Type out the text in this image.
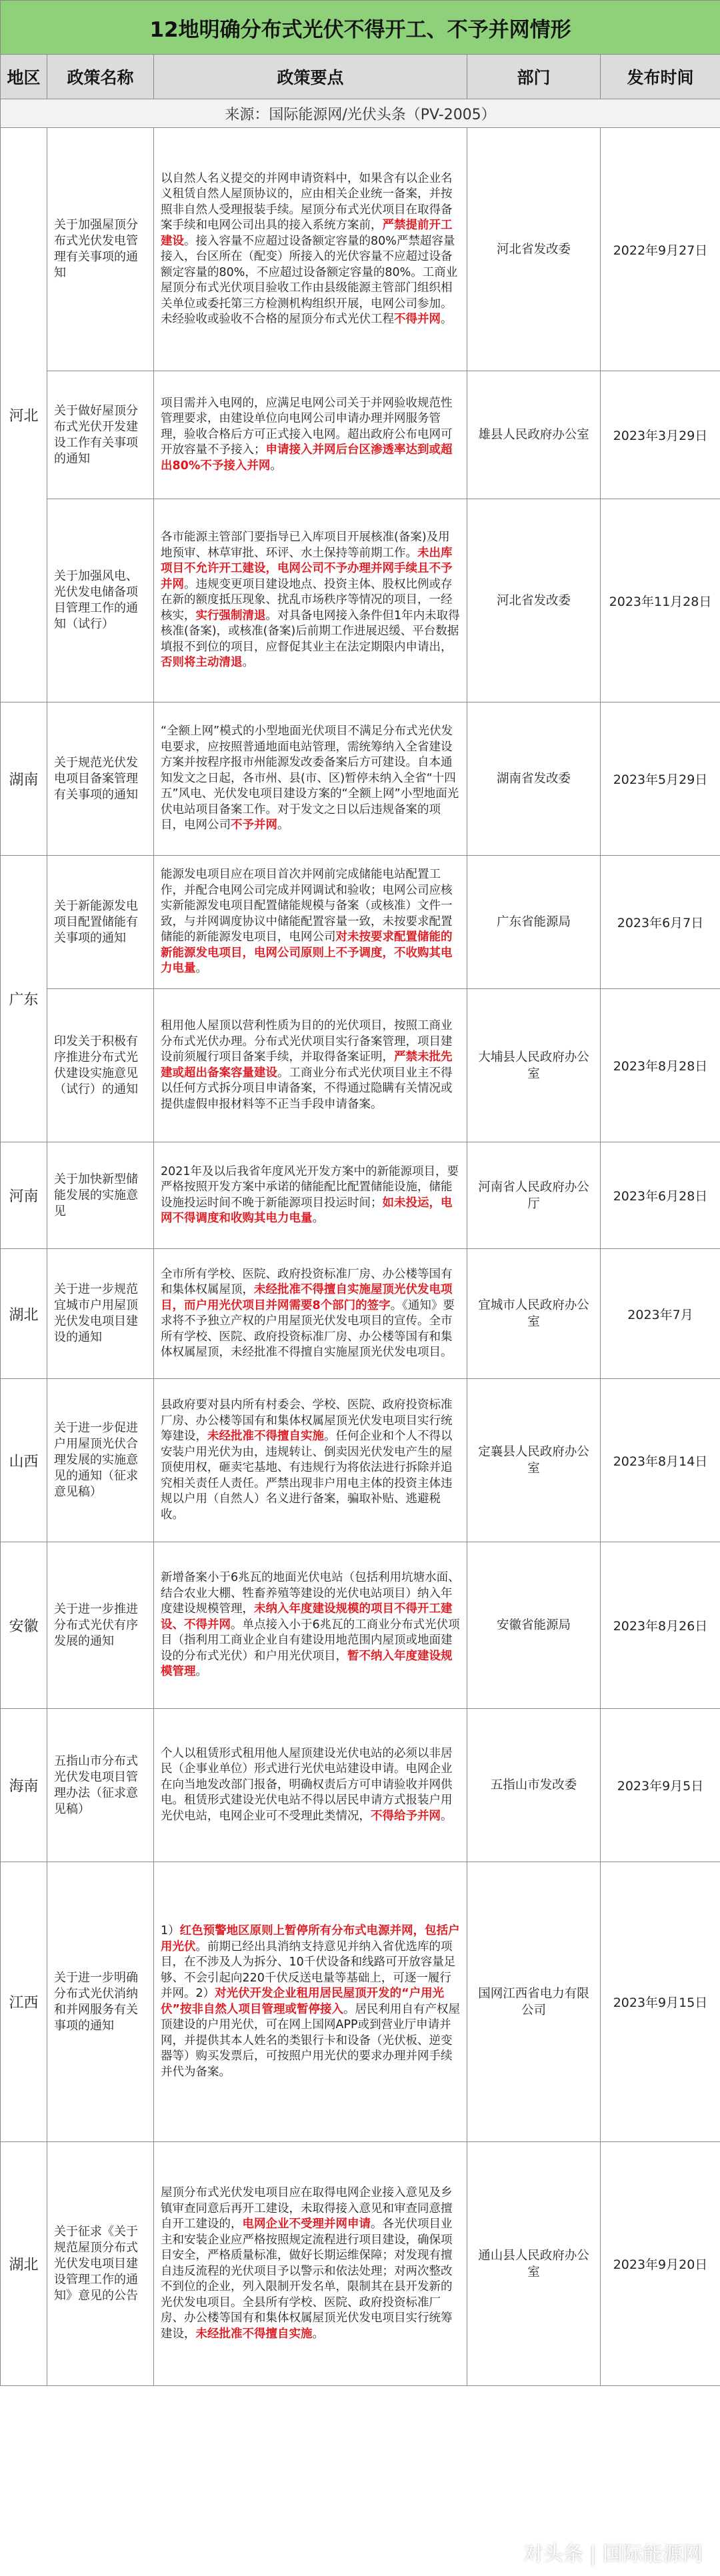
12地明确分布式光伏不得开工、不予并网情形				
地区	政策名称	政策要点	部门	发布时间
来源：国际能源网/光伏头条（PV-2005）				
河北	关于加强屋顶分布式光伏发电管理有关事项的通知	以自然人名义提交的并网申请资料中，如果含有以企业名义租赁自然人屋顶协议的，应由相关企业统一备案，并按照非自然人受理报装手续。屋顶分布式光伏项目在取得备案手续和电网公司出具的接入系统方案前，严禁提前开工建设。接入容量不应超过设备额定容量的80%严禁超容量接入，台区所在（配变）所接入的光伏容量不应超过设备额定容量的80%，不应超过设备额定容量的80%。工商业屋顶分布式光伏项目验收工作由县级能源主管部门组织相关单位或委托第三方检测机构组织开展，电网公司参加。未经验收或验收不合格的屋顶分布式光伏工程不得并网。	河北省发改委	2022年9月27日
	关于做好屋顶分布式光伏开发建设工作有关事项的通知	项目需并入电网的，应满足电网公司关于并网验收规范性管理要求，由建设单位向电网公司申请办理并网服务管理，验收合格后方可正式接入电网。超出政府公布电网可开放容量不予接入；申请接入并网后台区渗透率达到或超出80%不予接入并网。	雄县人民政府办公室	2023年3月29日
	关于加强风电、光伏发电储备项目管理工作的通知（试行）	各市能源主管部门要指导已入库项目开展核准(备案)及用地预审、林草审批、环评、水土保持等前期工作。未出库项目不允许开工建设，电网公司不予办理并网手续且不予并网。违规变更项目建设地点、投资主体、股权比例或存在新的额度抵压现象、扰乱市场秩序等情况的项目，一经核实，实行强制清退。对具备电网接入条件但1年内未取得核准(备案)，或核准(备案)后前期工作进展迟缓、平台数据填报不到位的项目，应督促其业主在法定期限内申请出，否则将主动清退。	河北省发改委	2023年11月28日
湖南	关于规范光伏发电项目备案管理有关事项的通知	“全额上网”模式的小型地面光伏项目不满足分布式光伏发电要求，应按照普通地面电站管理，需统筹纳入全省建设方案并按程序报市州能源发改委备案后方可建设。自本通知发文之日起，各市州、县(市、区)暂停未纳入全省“十四五”风电、光伏发电项目建设方案的“全额上网”小型地面光伏电站项目备案工作。对于发文之日以后违规备案的项目，电网公司不予并网。	湖南省发改委	2023年5月29日
广东	关于新能源发电项目配置储能有关事项的通知	能源发电项目应在项目首次并网前完成储能电站配置工作，并配合电网公司完成并网调试和验收；电网公司应核实新能源发电项目配置储能规模与备案（或核准）文件一致，与并网调度协议中储能配置容量一致，未按要求配置储能的新能源发电项目，电网公司对未按要求配置储能的新能源发电项目，电网公司原则上不予调度，不收购其电力电量。	广东省能源局	2023年6月7日
	印发关于积极有序推进分布式光伏建设实施意见（试行）的通知	租用他人屋顶以营利性质为目的的光伏项目，按照工商业分布式光伏办理。分布式光伏项目实行备案管理，项目建设前须履行项目备案手续，并取得备案证明，严禁未批先建或超出备案容量建设。工商业分布式光伏项目业主不得以任何方式拆分项目申请备案，不得通过隐瞒有关情况或提供虚假申报材料等不正当手段申请备案。	大埔县人民政府办公室	2023年8月28日
河南	关于加快新型储能发展的实施意见	2021年及以后我省年度风光开发方案中的新能源项目，要严格按照开发方案中承诺的储能配比配置储能设施，储能设施投运时间不晚于新能源项目投运时间；如未投运，电网不得调度和收购其电力电量。	河南省人民政府办公厅	2023年6月28日
湖北	关于进一步规范宜城市户用屋顶光伏发电项目建设的通知	全市所有学校、医院、政府投资标准厂房、办公楼等国有和集体权属屋顶，未经批准不得擅自实施屋顶光伏发电项目，而户用光伏项目并网需要8个部门的签字。《通知》要求将不予独立产权的户用屋顶光伏发电项目的宣传。全市所有学校、医院、政府投资标准厂房、办公楼等国有和集体权属屋顶，未经批准不得擅自实施屋顶光伏发电项目。	宜城市人民政府办公室	2023年7月
山西	关于进一步促进户用屋顶光伏合理发展的实施意见的通知（征求意见稿）	县政府要对县内所有村委会、学校、医院、政府投资标准厂房、办公楼等国有和集体权属屋顶光伏发电项目实行统筹建设，未经批准不得擅自实施。任何企业和个人不得以安装户用光伏为由，违规转让、倒卖因光伏发电产生的屋顶使用权，砸卖宅基地、有违规行为将依法进行拆除并追究相关责任人责任。严禁出现非户用电主体的投资主体违规以户用（自然人）名义进行备案，骗取补贴、逃避税收。	定襄县人民政府办公室	2023年8月14日
安徽	关于进一步推进分布式光伏有序发展的通知	新增备案小于6兆瓦的地面光伏电站（包括利用坑塘水面、结合农业大棚、牲畜养殖等建设的光伏电站项目）纳入年度建设规模管理，未纳入年度建设规模的项目不得开工建设、不得并网。单点接入小于6兆瓦的工商业分布式光伏项目（指利用工商业企业自有建设用地范围内屋顶或地面建设的分布式光伏）和户用光伏项目，暂不纳入年度建设规模管理。	安徽省能源局	2023年8月26日
海南	五指山市分布式光伏发电项目管理办法（征求意见稿）	个人以租赁形式租用他人屋顶建设光伏电站的必须以非居民（企事业单位）形式进行光伏电站建设申请。电网企业在向当地发改部门报备，明确权责后方可申请验收并网供电。租赁形式建设光伏电站不得以居民申请方式报装户用光伏电站，电网企业可不受理此类情况，不得给予并网。	五指山市发改委	2023年9月5日
江西	关于进一步明确分布式光伏消纳和并网服务有关事项的通知	1）红色预警地区原则上暂停所有分布式电源并网，包括户用光伏。前期已经出具消纳支持意见并纳入省优选库的项目，在不涉及人为拆分、10千伏设备和线路可开放容量足够、不会引起向220千伏反送电量等基础上，可逐一履行并网。2）对光伏开发企业租用居民屋顶开发的“户用光伏”按非自然人项目管理或暂停接入。居民利用自有产权屋顶建设的户用光伏，可在网上国网APP或到营业厅申请并网，并提供其本人姓名的类银行卡和设备（光伏板、逆变器等）购买发票后，可按照户用光伏的要求办理并网手续并代为备案。	国网江西省电力有限公司	2023年9月15日
湖北	关于征求《关于规范屋顶分布式光伏发电项目建设管理工作的通知》意见的公告	屋顶分布式光伏发电项目应在取得电网企业接入意见及乡镇审查同意后再开工建设，未取得接入意见和审查同意擅自开工建设的，电网企业不受理并网申请。各光伏项目业主和安装企业应严格按照规定流程进行项目建设，确保项目安全，严格质量标准，做好长期运维保障；对发现有擅自违反流程的光伏项目予以警示和依法处理；对两次整改不到位的企业，列入限制开发名单，限制其在县开发新的光伏发电项目。全县所有学校、医院、政府投资标准厂房、办公楼等国有和集体权属屋顶光伏发电项目实行统筹建设，未经批准不得擅自实施。	通山县人民政府办公室	2023年9月20日
对头条 | 国际能源网
